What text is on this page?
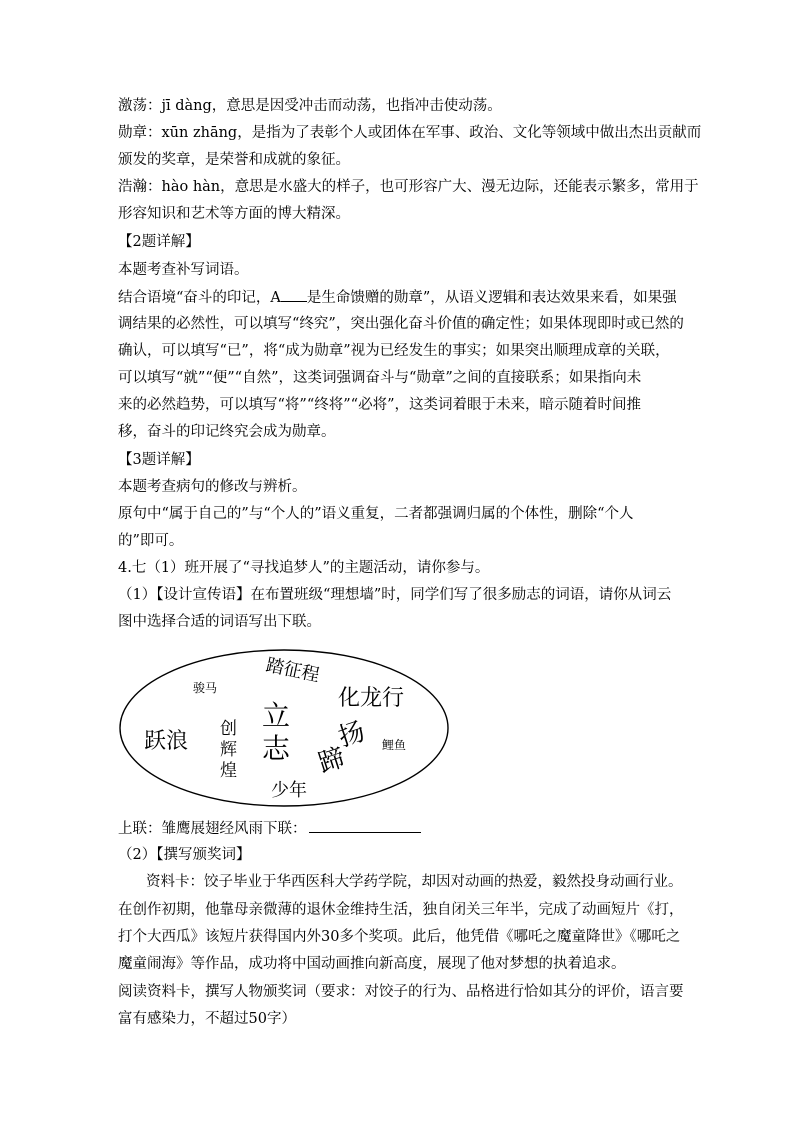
激荡：jī dàng，意思是因受冲击而动荡，也指冲击使动荡。
勋章：xūn zhāng，是指为了表彰个人或团体在军事、政治、文化等领域中做出杰出贡献而
颁发的奖章，是荣誉和成就的象征。
浩瀚：hào hàn，意思是水盛大的样子，也可形容广大、漫无边际，还能表示繁多，常用于
形容知识和艺术等方面的博大精深。
【2题详解】
本题考查补写词语。
结合语境“奋斗的印记，A 是生命馈赠的勋章”，从语义逻辑和表达效果来看，如果强
调结果的必然性，可以填写“终究”，突出强化奋斗价值的确定性；如果体现即时或已然的
确认，可以填写“已”，将“成为勋章”视为已经发生的事实；如果突出顺理成章的关联，
可以填写“就”“便”“自然”，这类词强调奋斗与“勋章”之间的直接联系；如果指向未
来的必然趋势，可以填写“将”“终将”“必将”，这类词着眼于未来，暗示随着时间推
移，奋斗的印记终究会成为勋章。
【3题详解】
本题考查病句的修改与辨析。
原句中“属于自己的”与“个人的”语义重复，二者都强调归属的个体性，删除“个人
的”即可。
4.七（1）班开展了“寻找追梦人”的主题活动，请你参与。
（1）【设计宣传语】在布置班级“理想墙”时，同学们写了很多励志的词语，请你从词云
图中选择合适的词语写出下联。
踏征程
骏马	化龙行
立
志
跃浪 创
辉
煌
扬
蹄	鲤鱼
少年
上联：雏鹰展翅经风雨下联：
（2）【撰写颁奖词】
资料卡：饺子毕业于华西医科大学药学院，却因对动画的热爱，毅然投身动画行业。
在创作初期，他靠母亲微薄的退休金维持生活，独自闭关三年半，完成了动画短片《打，
打个大西瓜》该短片获得国内外30多个奖项。此后，他凭借《哪吒之魔童降世》《哪吒之
魔童闹海》等作品，成功将中国动画推向新高度，展现了他对梦想的执着追求。
阅读资料卡，撰写人物颁奖词（要求：对饺子的行为、品格进行恰如其分的评价，语言要
富有感染力，不超过50字）
